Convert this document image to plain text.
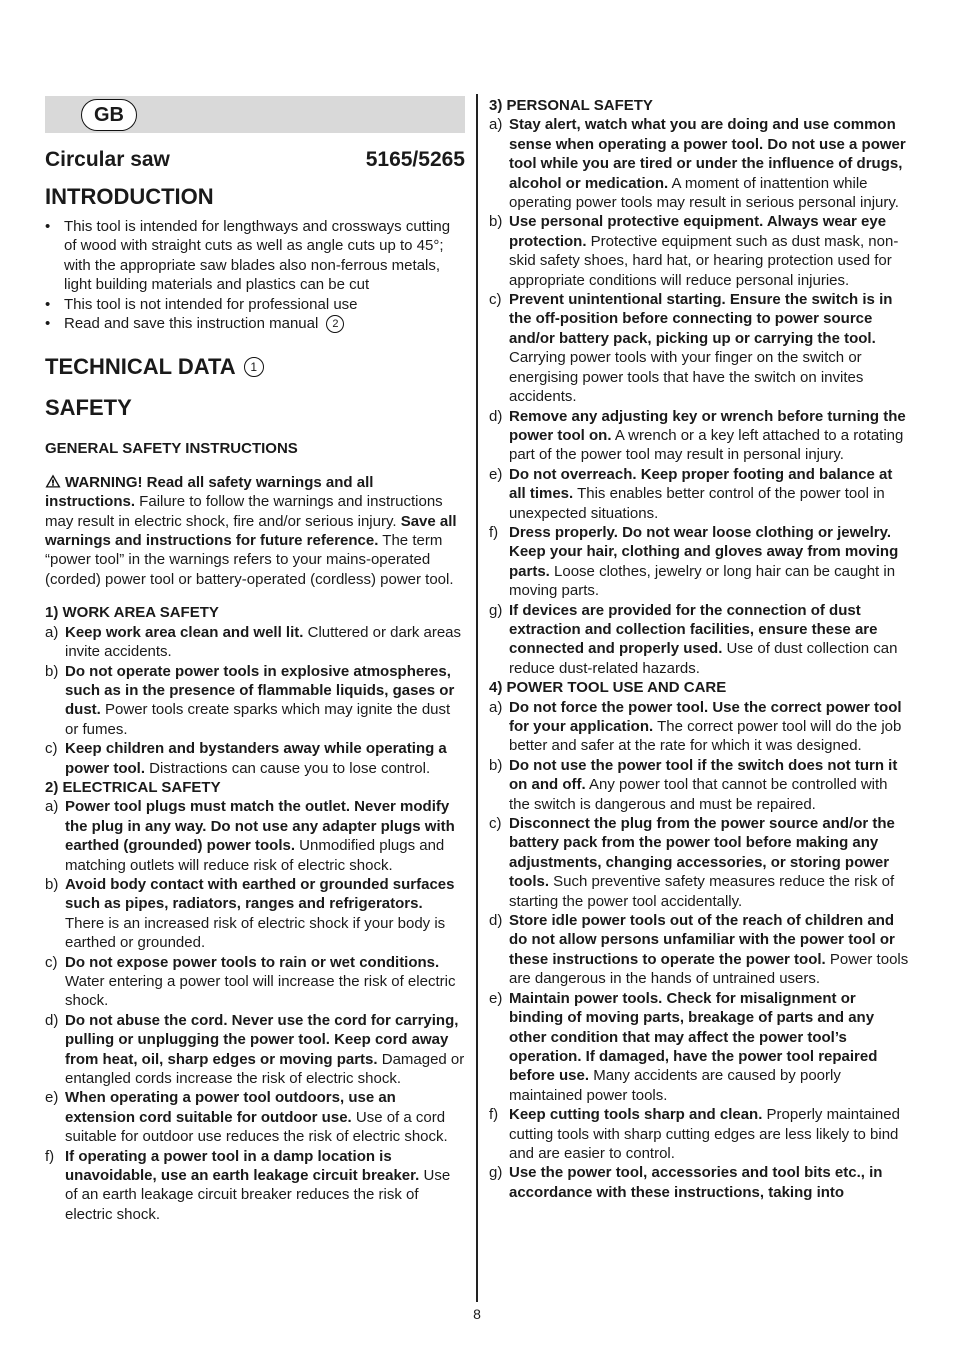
GB
Circular saw	5165/5265
INTRODUCTION
• This tool is intended for lengthways and crossways cutting of wood with straight cuts as well as angle cuts up to 45°; with the appropriate saw blades also non-ferrous metals, light building materials and plastics can be cut
• This tool is not intended for professional use
• Read and save this instruction manual 2
TECHNICAL DATA	1
SAFETY
GENERAL SAFETY INSTRUCTIONS

WARNING! Read all safety warnings and all instructions. Failure to follow the warnings and instructions may result in electric shock, fire and/or serious injury. Save all warnings and instructions for future reference. The term “power tool” in the warnings refers to your mains-operated (corded) power tool or battery-operated (cordless) power tool.

1) WORK AREA SAFETY
a) Keep work area clean and well lit. Cluttered or dark areas invite accidents.
b) Do not operate power tools in explosive atmospheres, such as in the presence of flammable liquids, gases or dust. Power tools create sparks which may ignite the dust or fumes.
c) Keep children and bystanders away while operating a power tool. Distractions can cause you to lose control.
2) ELECTRICAL SAFETY
a) Power tool plugs must match the outlet. Never modify the plug in any way. Do not use any adapter plugs with earthed (grounded) power tools. Unmodified plugs and matching outlets will reduce risk of electric shock.
b) Avoid body contact with earthed or grounded surfaces such as pipes, radiators, ranges and refrigerators. There is an increased risk of electric shock if your body is earthed or grounded.
c) Do not expose power tools to rain or wet conditions. Water entering a power tool will increase the risk of electric shock.
d) Do not abuse the cord. Never use the cord for carrying, pulling or unplugging the power tool. Keep cord away from heat, oil, sharp edges or moving parts. Damaged or entangled cords increase the risk of electric shock.
e) When operating a power tool outdoors, use an extension cord suitable for outdoor use. Use of a cord suitable for outdoor use reduces the risk of electric shock.
f) If operating a power tool in a damp location is unavoidable, use an earth leakage circuit breaker. Use of an earth leakage circuit breaker reduces the risk of electric shock.
3) PERSONAL SAFETY
a) Stay alert, watch what you are doing and use common sense when operating a power tool. Do not use a power tool while you are tired or under the influence of drugs, alcohol or medication. A moment of inattention while operating power tools may result in serious personal injury.
b) Use personal protective equipment. Always wear eye protection. Protective equipment such as dust mask, non-skid safety shoes, hard hat, or hearing protection used for appropriate conditions will reduce personal injuries.
c) Prevent unintentional starting. Ensure the switch is in the off-position before connecting to power source and/or battery pack, picking up or carrying the tool. Carrying power tools with your finger on the switch or energising power tools that have the switch on invites accidents.
d) Remove any adjusting key or wrench before turning the power tool on. A wrench or a key left attached to a rotating part of the power tool may result in personal injury.
e) Do not overreach. Keep proper footing and balance at all times. This enables better control of the power tool in unexpected situations.
f) Dress properly. Do not wear loose clothing or jewelry. Keep your hair, clothing and gloves away from moving parts. Loose clothes, jewelry or long hair can be caught in moving parts.
g) If devices are provided for the connection of dust extraction and collection facilities, ensure these are connected and properly used. Use of dust collection can reduce dust-related hazards.
4) POWER TOOL USE AND CARE
a) Do not force the power tool. Use the correct power tool for your application. The correct power tool will do the job better and safer at the rate for which it was designed.
b) Do not use the power tool if the switch does not turn it on and off. Any power tool that cannot be controlled with the switch is dangerous and must be repaired.
c) Disconnect the plug from the power source and/or the battery pack from the power tool before making any adjustments, changing accessories, or storing power tools. Such preventive safety measures reduce the risk of starting the power tool accidentally.
d) Store idle power tools out of the reach of children and do not allow persons unfamiliar with the power tool or these instructions to operate the power tool. Power tools are dangerous in the hands of untrained users.
e) Maintain power tools. Check for misalignment or binding of moving parts, breakage of parts and any other condition that may affect the power tool’s operation. If damaged, have the power tool repaired before use. Many accidents are caused by poorly maintained power tools.
f) Keep cutting tools sharp and clean. Properly maintained cutting tools with sharp cutting edges are less likely to bind and are easier to control.
g) Use the power tool, accessories and tool bits etc., in accordance with these instructions, taking into
8
